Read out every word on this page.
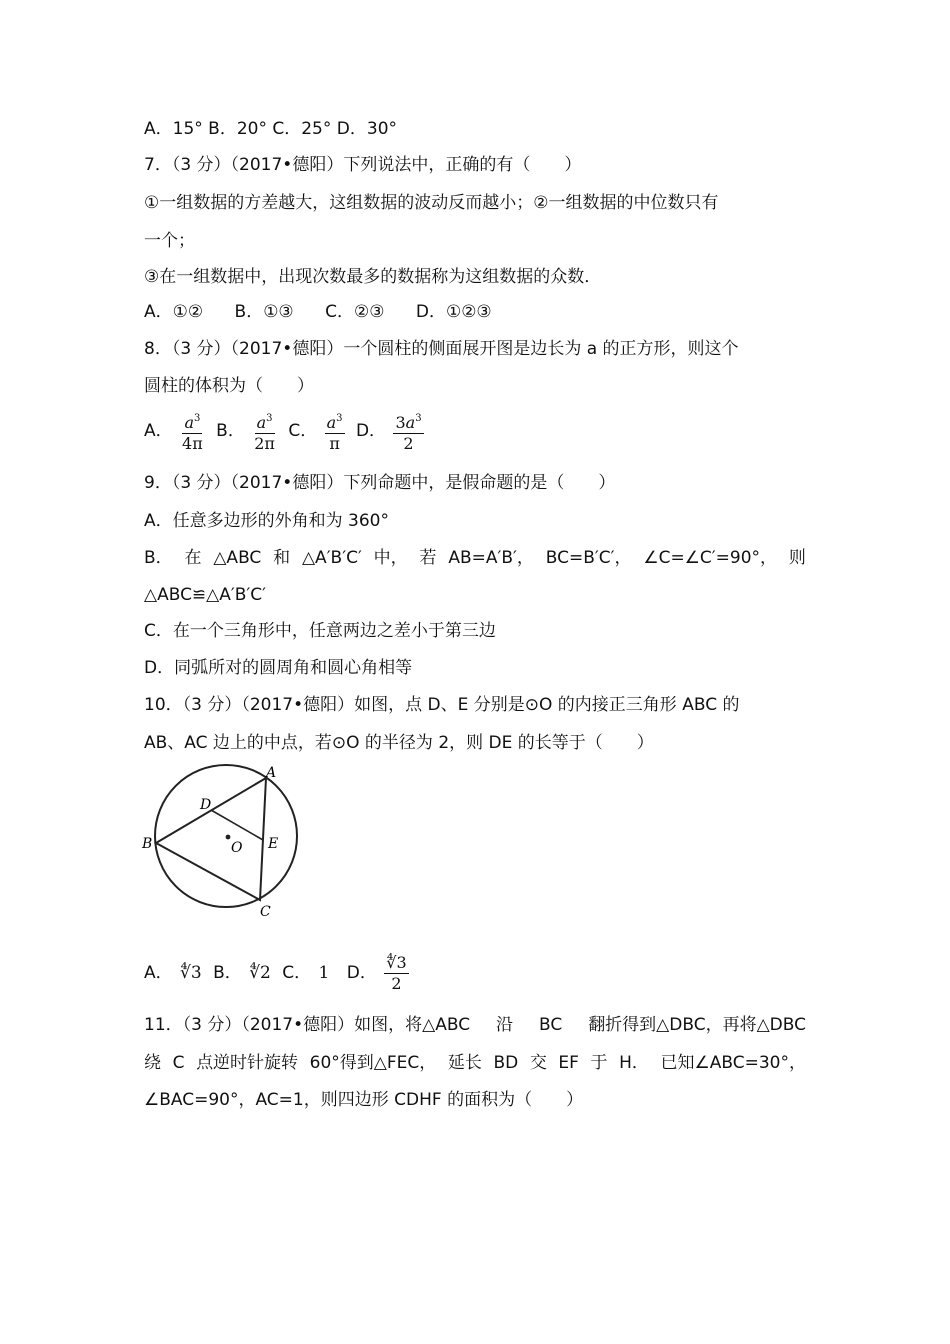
A．15° B．20° C．25° D．30°
7．（3 分）（2017•德阳）下列说法中，正确的有（　　）
①一组数据的方差越大，这组数据的波动反而越小；②一组数据的中位数只有
一个；
③在一组数据中，出现次数最多的数据称为这组数据的众数．
A．①② B．①③ C．②③ D．①②③
8．（3 分）（2017•德阳）一个圆柱的侧面展开图是边长为 a 的正方形，则这个
圆柱的体积为（　　）
A． $\frac{a^3}{4\pi}$ B． $\frac{a^3}{2\pi}$ C． $\frac{a^3}{\pi}$ D． $\frac{3a^3}{2}$
9．（3 分）（2017•德阳）下列命题中，是假命题的是（　　）
A．任意多边形的外角和为 360°
B． 在 △ABC 和 △A′B′C′ 中， 若 AB=A′B′， BC=B′C′， ∠C=∠C′=90°， 则
△ABC≌△A′B′C′
C．在一个三角形中，任意两边之差小于第三边
D．同弧所对的圆周角和圆心角相等
10．（3 分）（2017•德阳）如图，点 D、E 分别是⊙O 的内接正三角形 ABC 的
AB、AC 边上的中点，若⊙O 的半径为 2，则 DE 的长等于（　　）
A
B
C
D
E
O
A． ∜3 B． ∜2 C． 1 D． $\frac{∜3}{2}$
11．（3 分）（2017•德阳）如图，将△ABC 沿 BC 翻折得到△DBC，再将△DBC
绕 C 点逆时针旋转 60°得到△FEC， 延长 BD 交 EF 于 H． 已知∠ABC=30°，
∠BAC=90°，AC=1，则四边形 CDHF 的面积为（　　）
